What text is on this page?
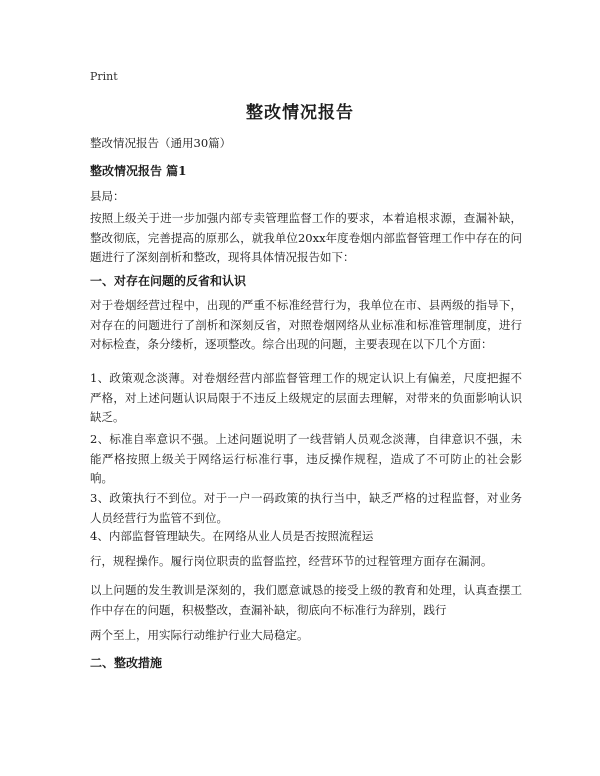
Print
整改情况报告
整改情况报告（通用30篇）
整改情况报告 篇1
县局：
按照上级关于进一步加强内部专卖管理监督工作的要求，本着追根求源，查漏补缺，整改彻底，完善提高的原那么，就我单位20xx年度卷烟内部监督管理工作中存在的问题进行了深刻剖析和整改，现将具体情况报告如下：
一、对存在问题的反省和认识
对于卷烟经营过程中，出现的严重不标准经营行为，我单位在市、县两级的指导下，对存在的问题进行了剖析和深刻反省，对照卷烟网络从业标准和标准管理制度，进行对标检查，条分缕析，逐项整改。综合出现的问题，主要表现在以下几个方面：
1、政策观念淡薄。对卷烟经营内部监督管理工作的规定认识上有偏差，尺度把握不严格，对上述问题认识局限于不违反上级规定的层面去理解，对带来的负面影响认识缺乏。
2、标准自率意识不强。上述问题说明了一线营销人员观念淡薄，自律意识不强，未能严格按照上级关于网络运行标准行事，违反操作规程，造成了不可防止的社会影响。
3、政策执行不到位。对于一户一码政策的执行当中，缺乏严格的过程监督，对业务人员经营行为监管不到位。
4、内部监督管理缺失。在网络从业人员是否按照流程运
行，规程操作。履行岗位职责的监督监控，经营环节的过程管理方面存在漏洞。
以上问题的发生教训是深刻的，我们愿意诚恳的接受上级的教育和处理，认真查摆工作中存在的问题，积极整改，查漏补缺，彻底向不标准行为辞别，践行
两个至上，用实际行动维护行业大局稳定。
二、整改措施
